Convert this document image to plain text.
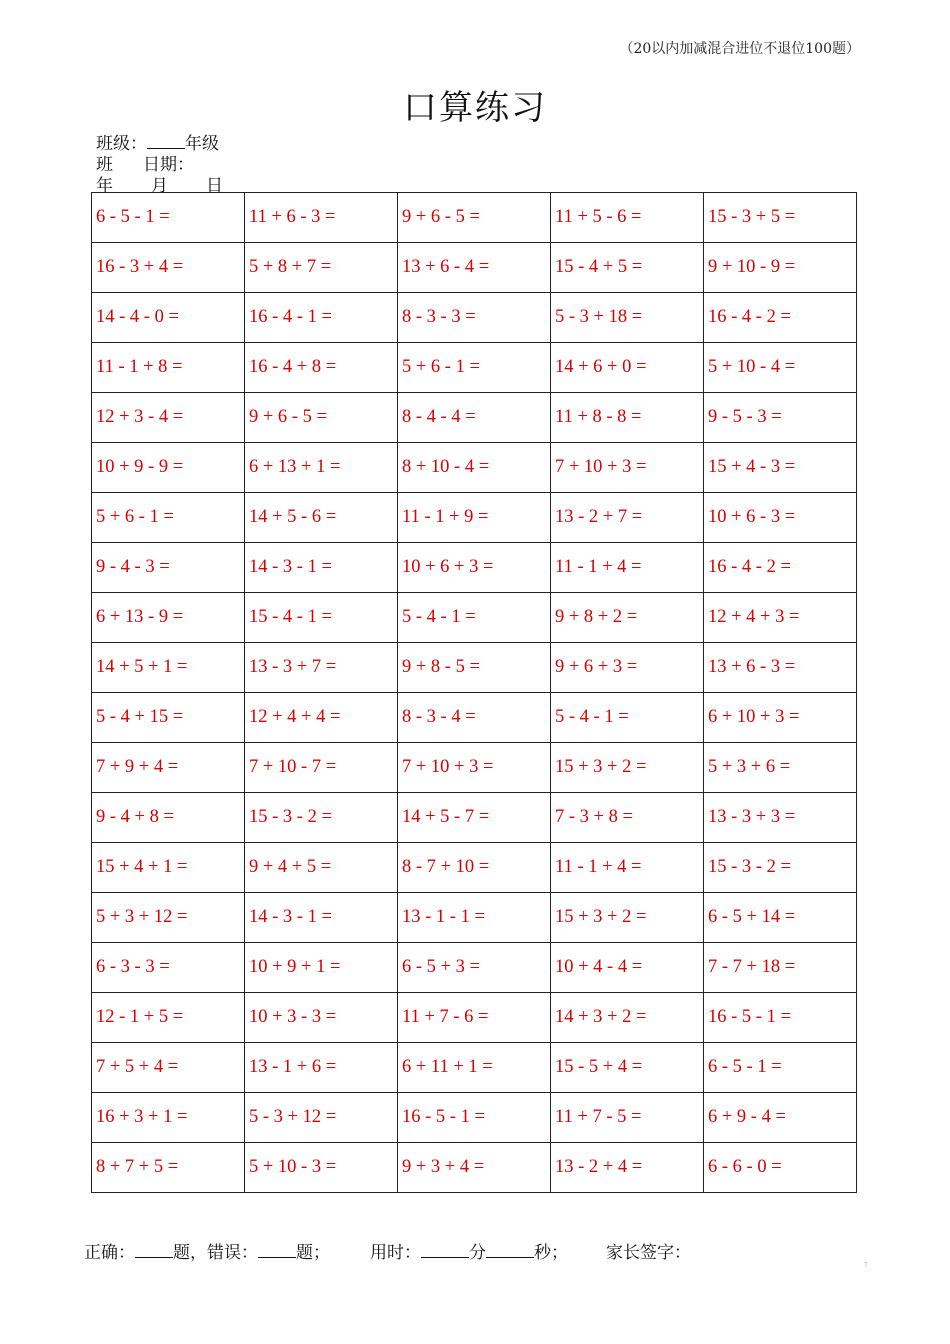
（20以内加减混合进位不退位100题）
口算练习
班级： 年级
班 日期：
年 月 日
6 - 5 - 1 =	11 + 6 - 3 =	9 + 6 - 5 =	11 + 5 - 6 =	15 - 3 + 5 =
16 - 3 + 4 =	5 + 8 + 7 =	13 + 6 - 4 =	15 - 4 + 5 =	9 + 10 - 9 =
14 - 4 - 0 =	16 - 4 - 1 =	8 - 3 - 3 =	5 - 3 + 18 =	16 - 4 - 2 =
11 - 1 + 8 =	16 - 4 + 8 =	5 + 6 - 1 =	14 + 6 + 0 =	5 + 10 - 4 =
12 + 3 - 4 =	9 + 6 - 5 =	8 - 4 - 4 =	11 + 8 - 8 =	9 - 5 - 3 =
10 + 9 - 9 =	6 + 13 + 1 =	8 + 10 - 4 =	7 + 10 + 3 =	15 + 4 - 3 =
5 + 6 - 1 =	14 + 5 - 6 =	11 - 1 + 9 =	13 - 2 + 7 =	10 + 6 - 3 =
9 - 4 - 3 =	14 - 3 - 1 =	10 + 6 + 3 =	11 - 1 + 4 =	16 - 4 - 2 =
6 + 13 - 9 =	15 - 4 - 1 =	5 - 4 - 1 =	9 + 8 + 2 =	12 + 4 + 3 =
14 + 5 + 1 =	13 - 3 + 7 =	9 + 8 - 5 =	9 + 6 + 3 =	13 + 6 - 3 =
5 - 4 + 15 =	12 + 4 + 4 =	8 - 3 - 4 =	5 - 4 - 1 =	6 + 10 + 3 =
7 + 9 + 4 =	7 + 10 - 7 =	7 + 10 + 3 =	15 + 3 + 2 =	5 + 3 + 6 =
9 - 4 + 8 =	15 - 3 - 2 =	14 + 5 - 7 =	7 - 3 + 8 =	13 - 3 + 3 =
15 + 4 + 1 =	9 + 4 + 5 =	8 - 7 + 10 =	11 - 1 + 4 =	15 - 3 - 2 =
5 + 3 + 12 =	14 - 3 - 1 =	13 - 1 - 1 =	15 + 3 + 2 =	6 - 5 + 14 =
6 - 3 - 3 =	10 + 9 + 1 =	6 - 5 + 3 =	10 + 4 - 4 =	7 - 7 + 18 =
12 - 1 + 5 =	10 + 3 - 3 =	11 + 7 - 6 =	14 + 3 + 2 =	16 - 5 - 1 =
7 + 5 + 4 =	13 - 1 + 6 =	6 + 11 + 1 =	15 - 5 + 4 =	6 - 5 - 1 =
16 + 3 + 1 =	5 - 3 + 12 =	16 - 5 - 1 =	11 + 7 - 5 =	6 + 9 - 4 =
8 + 7 + 5 =	5 + 10 - 3 =	9 + 3 + 4 =	13 - 2 + 4 =	6 - 6 - 0 =
正确： 题，错误： 题； 用时：	分	秒； 家长签字：
7
